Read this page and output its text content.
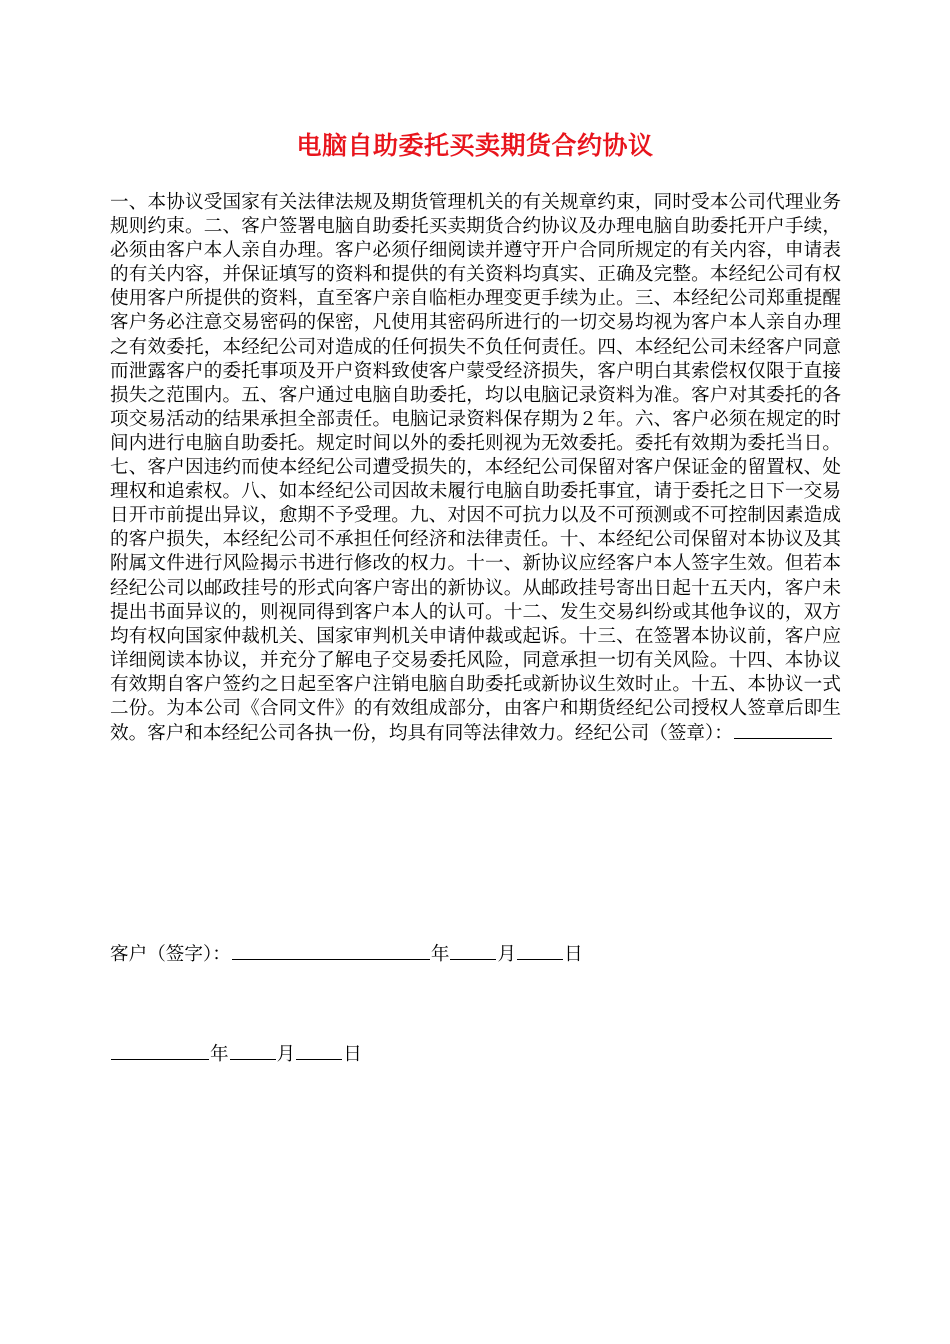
电脑自助委托买卖期货合约协议

一、本协议受国家有关法律法规及期货管理机关的有关规章约束，同时受本公司代理业务规则约束。二、客户签署电脑自助委托买卖期货合约协议及办理电脑自助委托开户手续，必须由客户本人亲自办理。客户必须仔细阅读并遵守开户合同所规定的有关内容，申请表的有关内容，并保证填写的资料和提供的有关资料均真实、正确及完整。本经纪公司有权使用客户所提供的资料，直至客户亲自临柜办理变更手续为止。三、本经纪公司郑重提醒客户务必注意交易密码的保密，凡使用其密码所进行的一切交易均视为客户本人亲自办理之有效委托，本经纪公司对造成的任何损失不负任何责任。四、本经纪公司未经客户同意而泄露客户的委托事项及开户资料致使客户蒙受经济损失，客户明白其索偿权仅限于直接损失之范围内。五、客户通过电脑自助委托，均以电脑记录资料为准。客户对其委托的各项交易活动的结果承担全部责任。电脑记录资料保存期为２年。六、客户必须在规定的时间内进行电脑自助委托。规定时间以外的委托则视为无效委托。委托有效期为委托当日。七、客户因违约而使本经纪公司遭受损失的，本经纪公司保留对客户保证金的留置权、处理权和追索权。八、如本经纪公司因故未履行电脑自助委托事宜，请于委托之日下一交易日开市前提出异议，愈期不予受理。九、对因不可抗力以及不可预测或不可控制因素造成的客户损失，本经纪公司不承担任何经济和法律责任。十、本经纪公司保留对本协议及其附属文件进行风险揭示书进行修改的权力。十一、新协议应经客户本人签字生效。但若本经纪公司以邮政挂号的形式向客户寄出的新协议。从邮政挂号寄出日起十五天内，客户未提出书面异议的，则视同得到客户本人的认可。十二、发生交易纠纷或其他争议的，双方均有权向国家仲裁机关、国家审判机关申请仲裁或起诉。十三、在签署本协议前，客户应详细阅读本协议，并充分了解电子交易委托风险，同意承担一切有关风险。十四、本协议有效期自客户签约之日起至客户注销电脑自助委托或新协议生效时止。十五、本协议一式二份。为本公司《合同文件》的有效组成部分，由客户和期货经纪公司授权人签章后即生效。客户和本经纪公司各执一份，均具有同等法律效力。经纪公司（签章）：

客户（签字）：	年	月	日
年	月	日
